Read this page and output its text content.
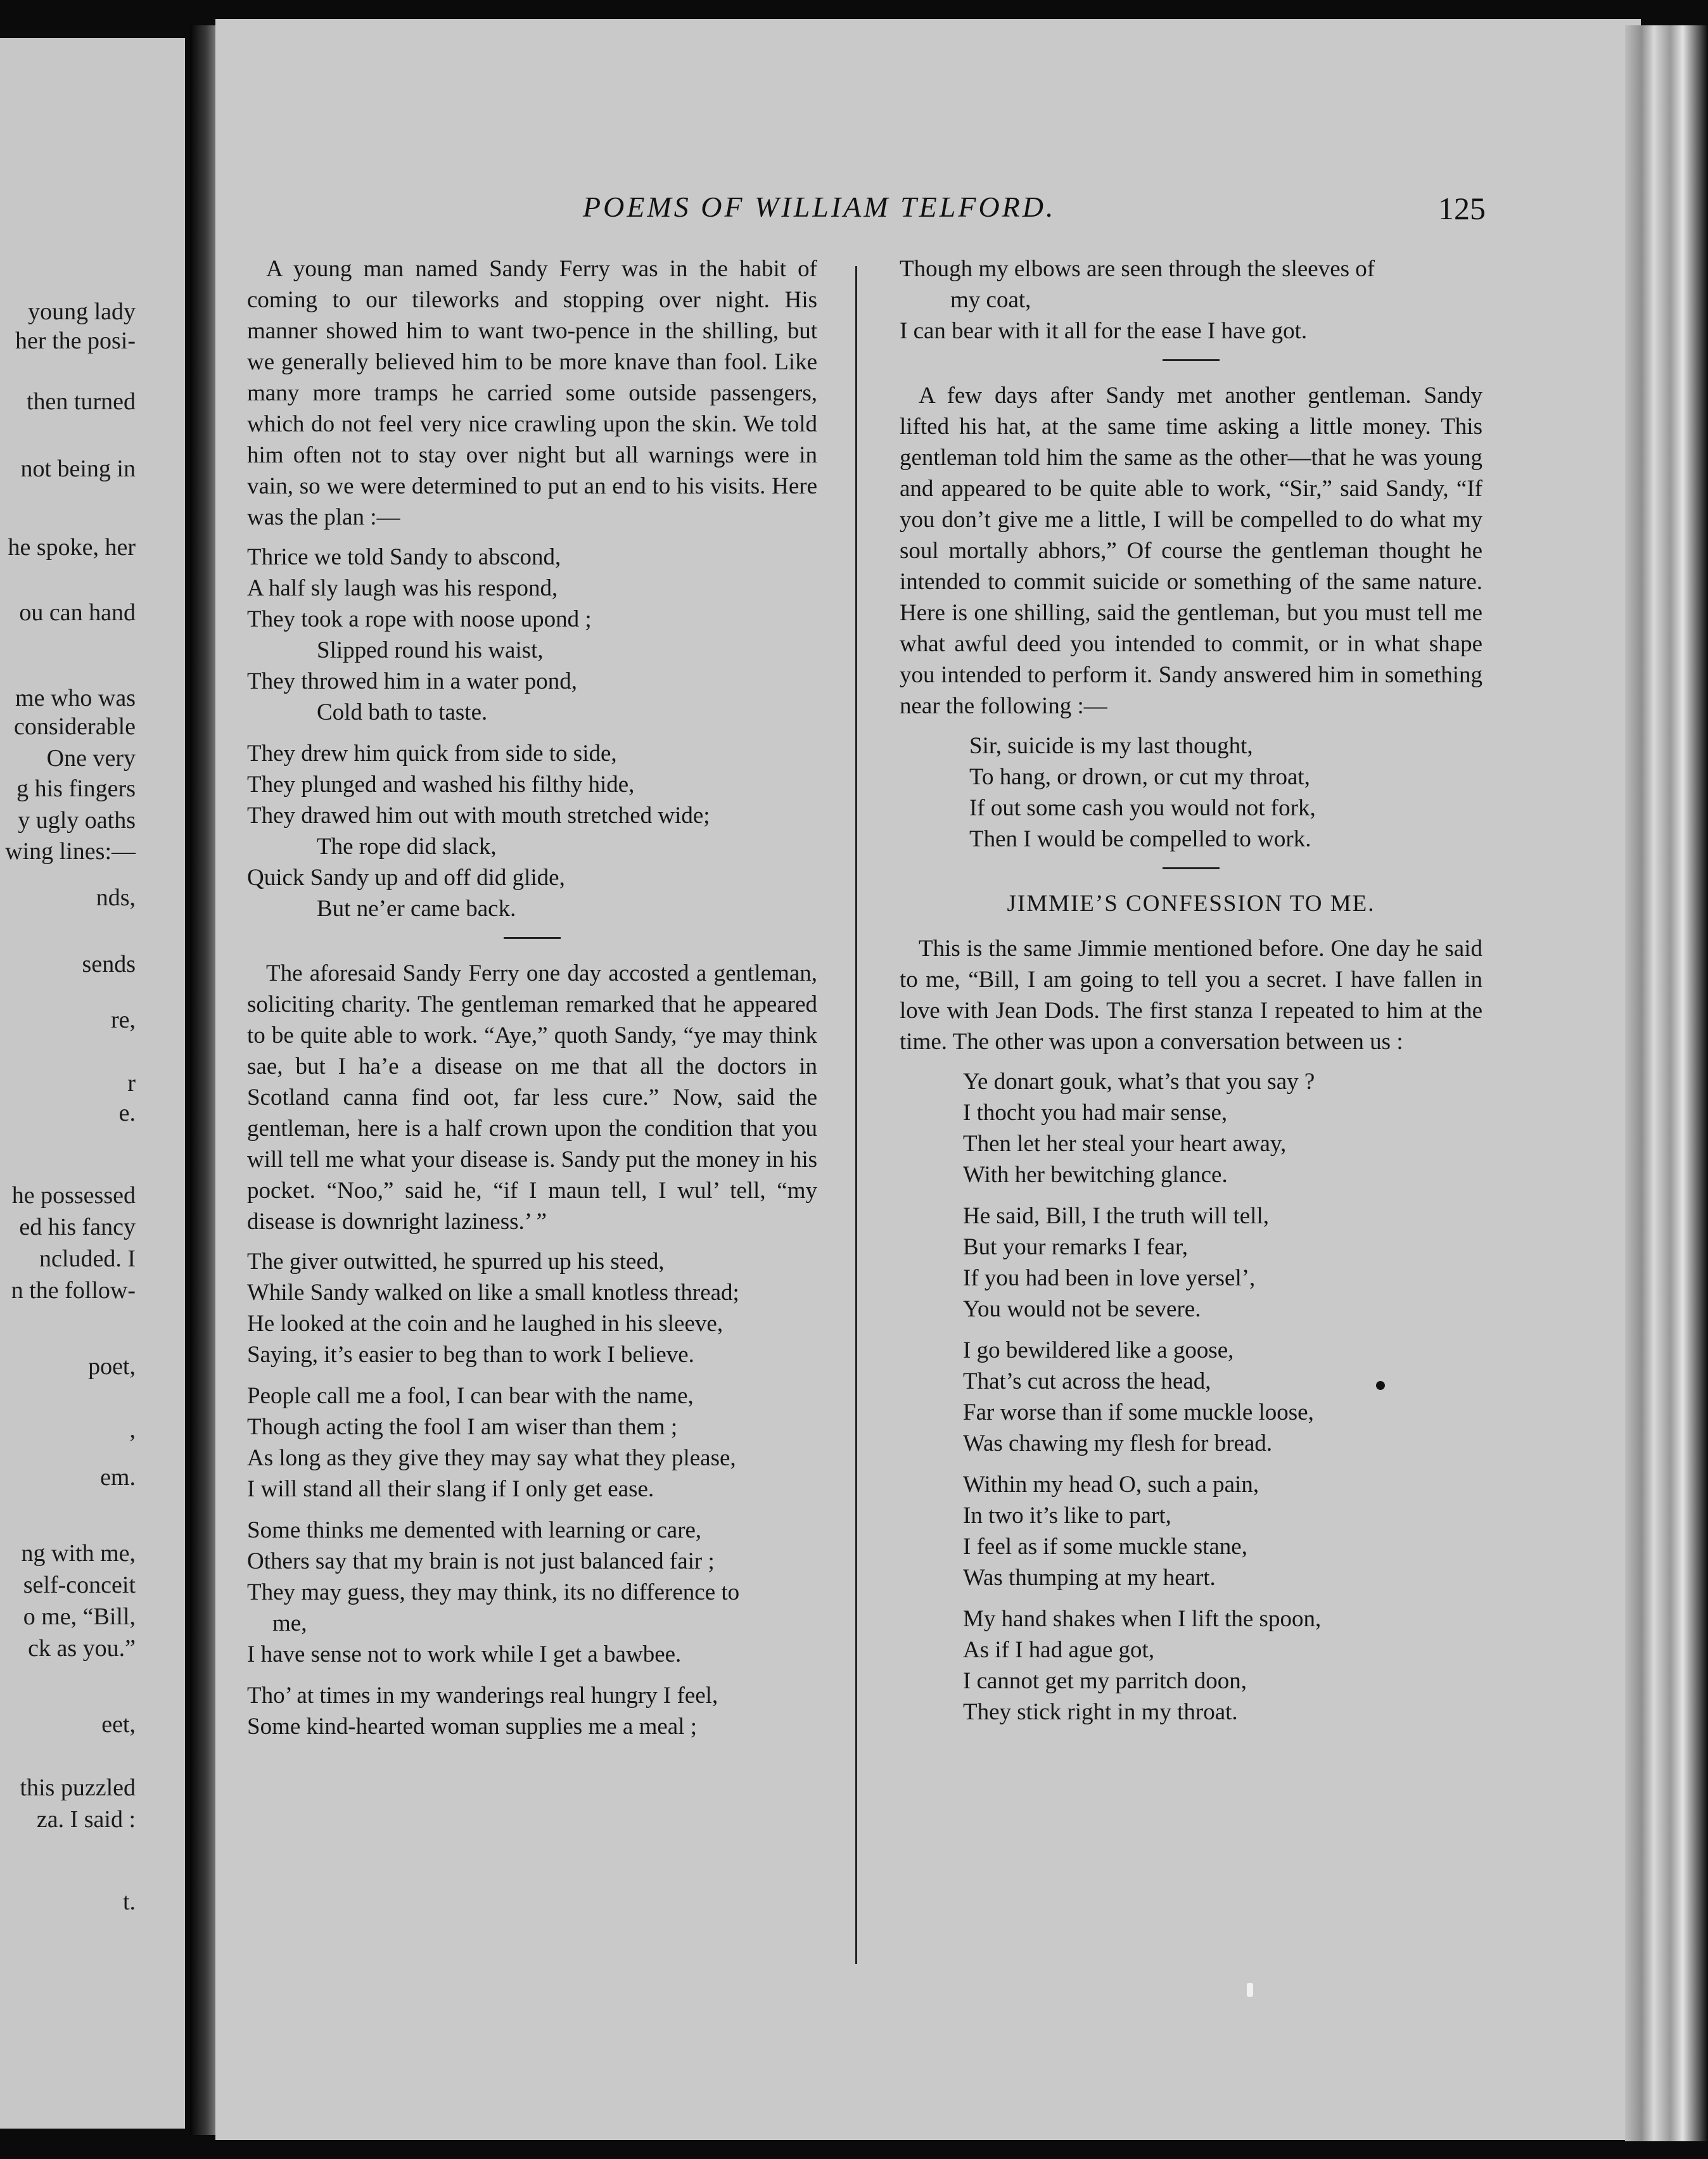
young lady
her the posi-
then turned
not being in
he spoke, her
ou can hand
me who was
considerable
One very
g his fingers
y ugly oaths
wing lines:—
nds,
sends
re,
r
e.
he possessed
ed his fancy
ncluded. I
n the follow-
poet,
,
em.
ng with me,
self-conceit
o me, “Bill,
ck as you.”
eet,
this puzzled
za. I said :
t.
POEMS OF WILLIAM TELFORD.	125

A young man named Sandy Ferry was in the habit of coming to our tileworks and stopping over night. His manner showed him to want two-pence in the shilling, but we generally believed him to be more knave than fool. Like many more tramps he carried some outside passengers, which do not feel very nice crawling upon the skin. We told him often not to stay over night but all warnings were in vain, so we were determined to put an end to his visits. Here was the plan :—

Thrice we told Sandy to abscond,
A half sly laugh was his respond,
They took a rope with noose upond ;
Slipped round his waist,
They throwed him in a water pond,
Cold bath to taste.
They drew him quick from side to side,
They plunged and washed his filthy hide,
They drawed him out with mouth stretched wide;
The rope did slack,
Quick Sandy up and off did glide,
But ne’er came back.

The aforesaid Sandy Ferry one day accosted a gentleman, soliciting charity. The gentleman remarked that he appeared to be quite able to work. “Aye,” quoth Sandy, “ye may think sae, but I ha’e a disease on me that all the doctors in Scotland canna find oot, far less cure.” Now, said the gentleman, here is a half crown upon the condition that you will tell me what your disease is. Sandy put the money in his pocket. “Noo,” said he, “if I maun tell, I wul’ tell, “my disease is downright laziness.’ ”

The giver outwitted, he spurred up his steed,
While Sandy walked on like a small knotless thread;
He looked at the coin and he laughed in his sleeve,
Saying, it’s easier to beg than to work I believe.
People call me a fool, I can bear with the name,
Though acting the fool I am wiser than them ;
As long as they give they may say what they please,
I will stand all their slang if I only get ease.
Some thinks me demented with learning or care,
Others say that my brain is not just balanced fair ;
They may guess, they may think, its no difference to
me,
I have sense not to work while I get a bawbee.
Tho’ at times in my wanderings real hungry I feel,
Some kind-hearted woman supplies me a meal ;
Though my elbows are seen through the sleeves of
my coat,
I can bear with it all for the ease I have got.

A few days after Sandy met another gentleman. Sandy lifted his hat, at the same time asking a little money. This gentleman told him the same as the other—that he was young and appeared to be quite able to work, “Sir,” said Sandy, “If you don’t give me a little, I will be compelled to do what my soul mortally abhors,” Of course the gentleman thought he intended to commit suicide or something of the same nature. Here is one shilling, said the gentleman, but you must tell me what awful deed you intended to commit, or in what shape you intended to perform it. Sandy answered him in something near the following :—

Sir, suicide is my last thought,
To hang, or drown, or cut my throat,
If out some cash you would not fork,
Then I would be compelled to work.
JIMMIE’S CONFESSION TO ME.

This is the same Jimmie mentioned before. One day he said to me, “Bill, I am going to tell you a secret. I have fallen in love with Jean Dods. The first stanza I repeated to him at the time. The other was upon a conversation between us :

Ye donart gouk, what’s that you say ?
I thocht you had mair sense,
Then let her steal your heart away,
With her bewitching glance.
He said, Bill, I the truth will tell,
But your remarks I fear,
If you had been in love yersel’,
You would not be severe.
I go bewildered like a goose,
That’s cut across the head,
Far worse than if some muckle loose,
Was chawing my flesh for bread.
Within my head O, such a pain,
In two it’s like to part,
I feel as if some muckle stane,
Was thumping at my heart.
My hand shakes when I lift the spoon,
As if I had ague got,
I cannot get my parritch doon,
They stick right in my throat.
